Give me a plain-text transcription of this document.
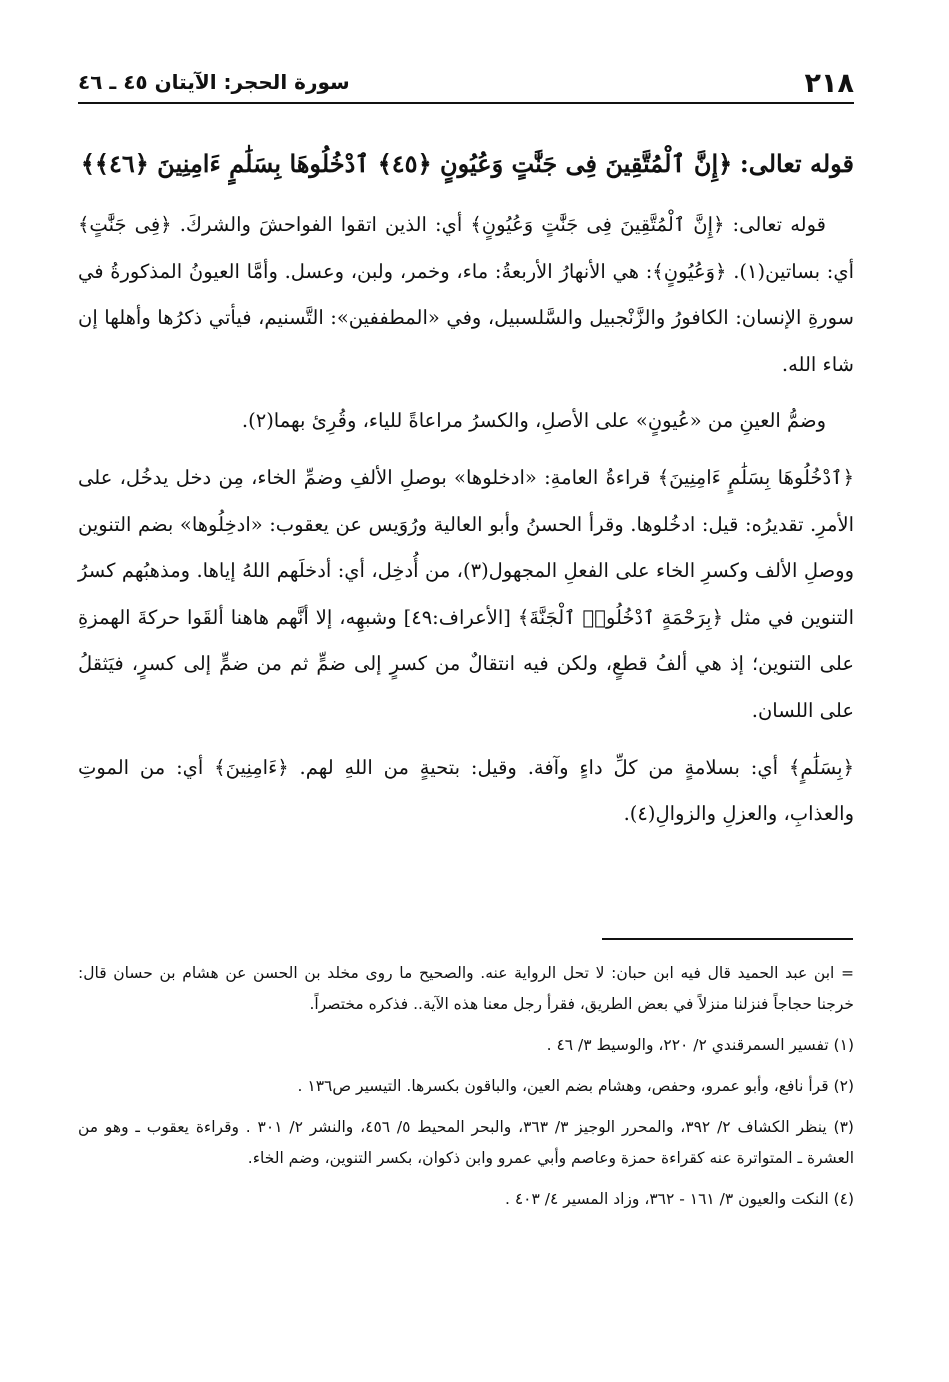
٢١٨
سورة الحجر: الآيتان ٤٥ ـ ٤٦
قوله تعالى: ﴿إِنَّ ٱلْمُتَّقِينَ فِى جَنَّٰتٍ وَعُيُونٍ ﴿٤٥﴾ ٱدْخُلُوهَا بِسَلَٰمٍ ءَامِنِينَ ﴿٤٦﴾﴾

قوله تعالى: ﴿إِنَّ ٱلْمُتَّقِينَ فِى جَنَّٰتٍ وَعُيُونٍ﴾ أي: الذين اتقوا الفواحشَ والشركَ. ﴿فِى جَنَّٰتٍ﴾ أي: بساتين(١). ﴿وَعُيُونٍ﴾: هي الأنهارُ الأربعةُ: ماء، وخمر، ولبن، وعسل. وأمَّا العيونُ المذكورةُ في سورةِ الإنسان: الكافورُ والزَّنْجبيل والسَّلسبيل، وفي «المطففين»: التَّسنيم، فيأتي ذكرُها وأهلها إن شاء الله.

وضمُّ العينِ من «عُيونٍ» على الأصلِ، والكسرُ مراعاةً للياء، وقُرِئ بهما(٢).

﴿ٱدْخُلُوهَا بِسَلَٰمٍ ءَامِنِينَ﴾ قراءةُ العامةِ: «ادخلوها» بوصلِ الألفِ وضمِّ الخاء، مِن دخل يدخُل، على الأمرِ. تقديرُه: قيل: ادخُلوها. وقرأ الحسنُ وأبو العالية ورُوَيس عن يعقوب: «ادخِلُوها» بضم التنوين ووصلِ الألف وكسرِ الخاء على الفعلِ المجهول(٣)، من أُدخِل، أي: أدخلَهم اللهُ إياها. ومذهبُهم كسرُ التنوين في مثل ﴿بِرَحْمَةٍ ٱدْخُلُوا۟ ٱلْجَنَّةَ﴾ [الأعراف:٤٩] وشبهِه، إلا أنَّهم هاهنا ألقَوا حركةَ الهمزةِ على التنوين؛ إذ هي ألفُ قطعٍ، ولكن فيه انتقالٌ من كسرٍ إلى ضمٍّ ثم من ضمٍّ إلى كسرٍ، فيَثقلُ على اللسان.

﴿بِسَلَٰمٍ﴾ أي: بسلامةٍ من كلِّ داءٍ وآفة. وقيل: بتحيةٍ من اللهِ لهم. ﴿ءَامِنِينَ﴾ أي: من الموتِ والعذابِ، والعزلِ والزوالِ(٤).

= ابن عبد الحميد قال فيه ابن حبان: لا تحل الرواية عنه. والصحيح ما روى مخلد بن الحسن عن هشام بن حسان قال: خرجنا حجاجاً فنزلنا منزلاً في بعض الطريق، فقرأ رجل معنا هذه الآية.. فذكره مختصراً.

(١) تفسير السمرقندي ٢/ ٢٢٠، والوسيط ٣/ ٤٦ .

(٢) قرأ نافع، وأبو عمرو، وحفص، وهشام بضم العين، والباقون بكسرها. التيسير ص١٣٦ .

(٣) ينظر الكشاف ٢/ ٣٩٢، والمحرر الوجيز ٣/ ٣٦٣، والبحر المحيط ٥/ ٤٥٦، والنشر ٢/ ٣٠١ . وقراءة يعقوب ـ وهو من العشرة ـ المتواترة عنه كقراءة حمزة وعاصم وأبي عمرو وابن ذكوان، بكسر التنوين، وضم الخاء.

(٤) النكت والعيون ٣/ ١٦١ - ٣٦٢، وزاد المسير ٤/ ٤٠٣ .
